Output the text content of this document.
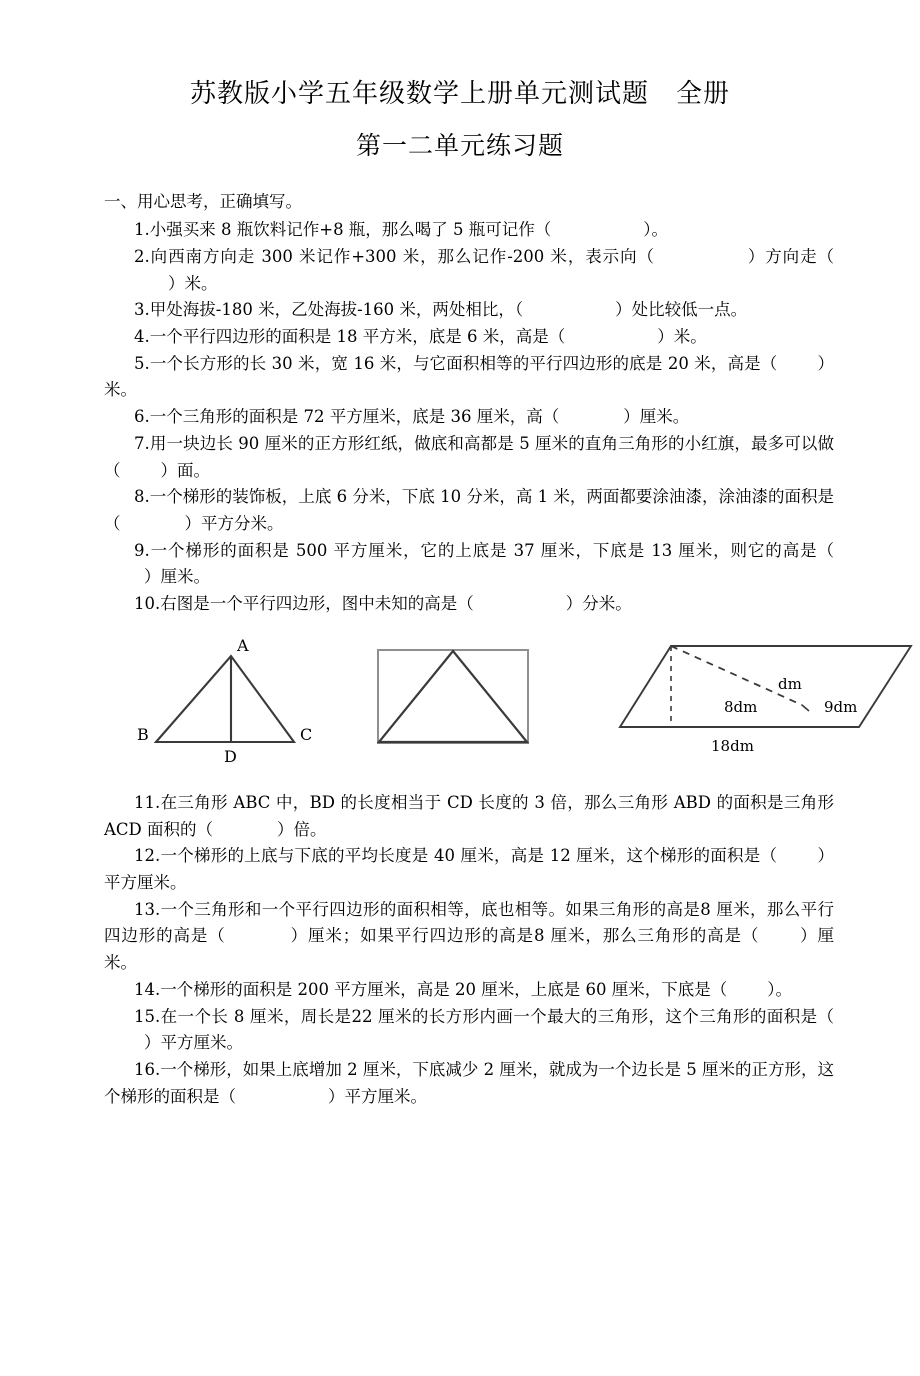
苏教版小学五年级数学上册单元测试题　全册
第一二单元练习题

一、用心思考，正确填写。

1.小强买来 8 瓶饮料记作+8 瓶，那么喝了 5 瓶可记作（	）。

2.向西南方向走 300 米记作+300 米，那么记作-200 米，表示向（	）方向走（）米。

3.甲处海拔-180 米，乙处海拔-160 米，两处相比，（	）处比较低一点。

4.一个平行四边形的面积是 18 平方米，底是 6 米，高是（	）米。

5.一个长方形的长 30 米，宽 16 米，与它面积相等的平行四边形的底是 20 米，高是（ ）米。

6.一个三角形的面积是 72 平方厘米，底是 36 厘米，高（	）厘米。

7.用一块边长 90 厘米的正方形红纸，做底和高都是 5 厘米的直角三角形的小红旗，最多可以做（ ）面。

8.一个梯形的装饰板，上底 6 分米，下底 10 分米，高 1 米，两面都要涂油漆，涂油漆的面积是（	）平方分米。

9.一个梯形的面积是 500 平方厘米，它的上底是 37 厘米，下底是 13 厘米，则它的高是（）厘米。

10.右图是一个平行四边形，图中未知的高是（	）分米。

A
B	C
D
dm
8dm	9dm
18dm

11.在三角形 ABC 中，BD 的长度相当于 CD 长度的 3 倍，那么三角形 ABD 的面积是三角形 ACD 面积的（	）倍。

12.一个梯形的上底与下底的平均长度是 40 厘米，高是 12 厘米，这个梯形的面积是（ ）平方厘米。

13.一个三角形和一个平行四边形的面积相等，底也相等。如果三角形的高是8 厘米，那么平行四边形的高是（	）厘米；如果平行四边形的高是8 厘米，那么三角形的高是（ ）厘米。

14.一个梯形的面积是 200 平方厘米，高是 20 厘米，上底是 60 厘米，下底是（ ）。

15.在一个长 8 厘米，周长是22 厘米的长方形内画一个最大的三角形，这个三角形的面积是（）平方厘米。

16.一个梯形，如果上底增加 2 厘米，下底减少 2 厘米，就成为一个边长是 5 厘米的正方形，这个梯形的面积是（	）平方厘米。
